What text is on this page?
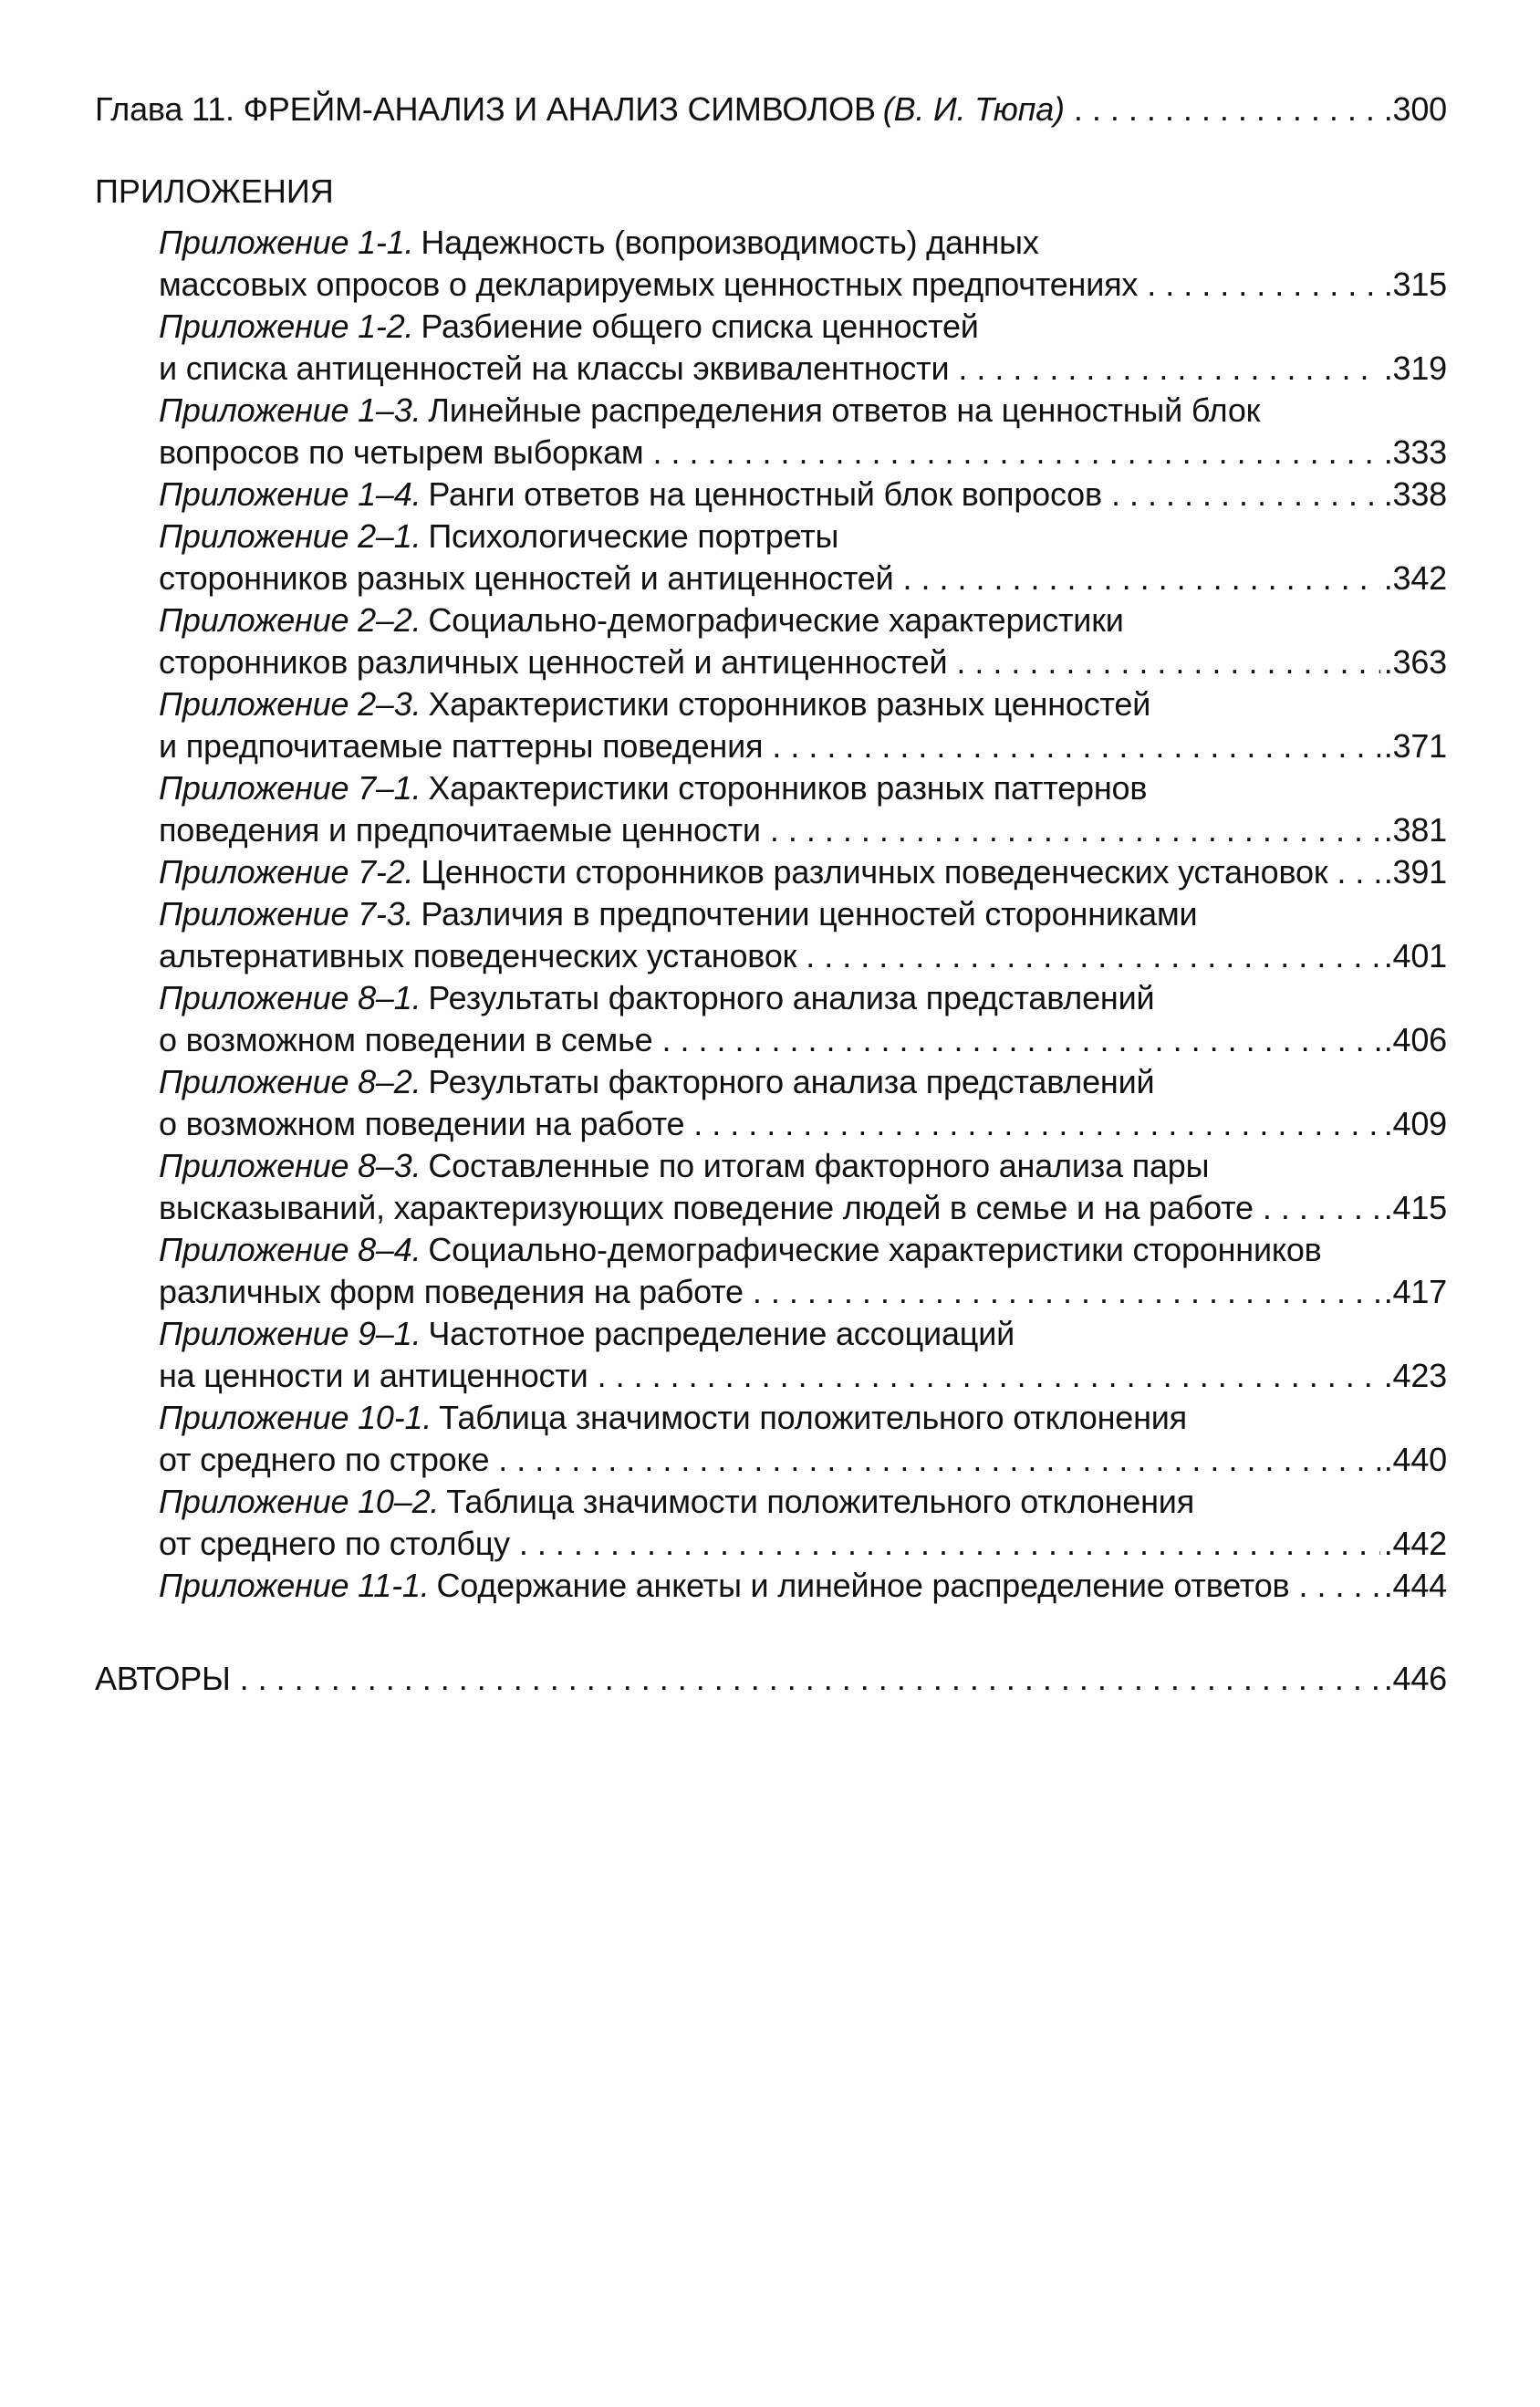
Глава 11. ФРЕЙМ-АНАЛИЗ И АНАЛИЗ СИМВОЛОВ (В. И. Тюпа) . . .	.300
ПРИЛОЖЕНИЯ
Приложение 1-1. Надежность (вопроизводимость) данных
массовых опросов о декларируемых ценностных предпочтениях . . .	.315
Приложение 1-2. Разбиение общего списка ценностей
и списка антиценностей на классы эквивалентности . . .	.319
Приложение 1–3. Линейные распределения ответов на ценностный блок
вопросов по четырем выборкам . . .	.333
Приложение 1–4. Ранги ответов на ценностный блок вопросов . . .	.338
Приложение 2–1. Психологические портреты
сторонников разных ценностей и антиценностей . . .	.342
Приложение 2–2. Социально-демографические характеристики
сторонников различных ценностей и антиценностей . . .	.363
Приложение 2–3. Характеристики сторонников разных ценностей
и предпочитаемые паттерны поведения . . .	.371
Приложение 7–1. Характеристики сторонников разных паттернов
поведения и предпочитаемые ценности . . .	.381
Приложение 7-2. Ценности сторонников различных поведенческих установок . . . .391
Приложение 7-3. Различия в предпочтении ценностей сторонниками
альтернативных поведенческих установок . . .	.401
Приложение 8–1. Результаты факторного анализа представлений
о возможном поведении в семье . . .	.406
Приложение 8–2. Результаты факторного анализа представлений
о возможном поведении на работе . . .	.409
Приложение 8–3. Составленные по итогам факторного анализа пары
высказываний, характеризующих поведение людей в семье и на работе . . .	.415
Приложение 8–4. Социально-демографические характеристики сторонников
различных форм поведения на работе . . .	.417
Приложение 9–1. Частотное распределение ассоциаций
на ценности и антиценности . . .	.423
Приложение 10-1. Таблица значимости положительного отклонения
от среднего по строке . . .	.440
Приложение 10–2. Таблица значимости положительного отклонения
от среднего по столбцу . . .	.442
Приложение 11-1. Содержание анкеты и линейное распределение ответов . . .	.444
АВТОРЫ . . .	.446
